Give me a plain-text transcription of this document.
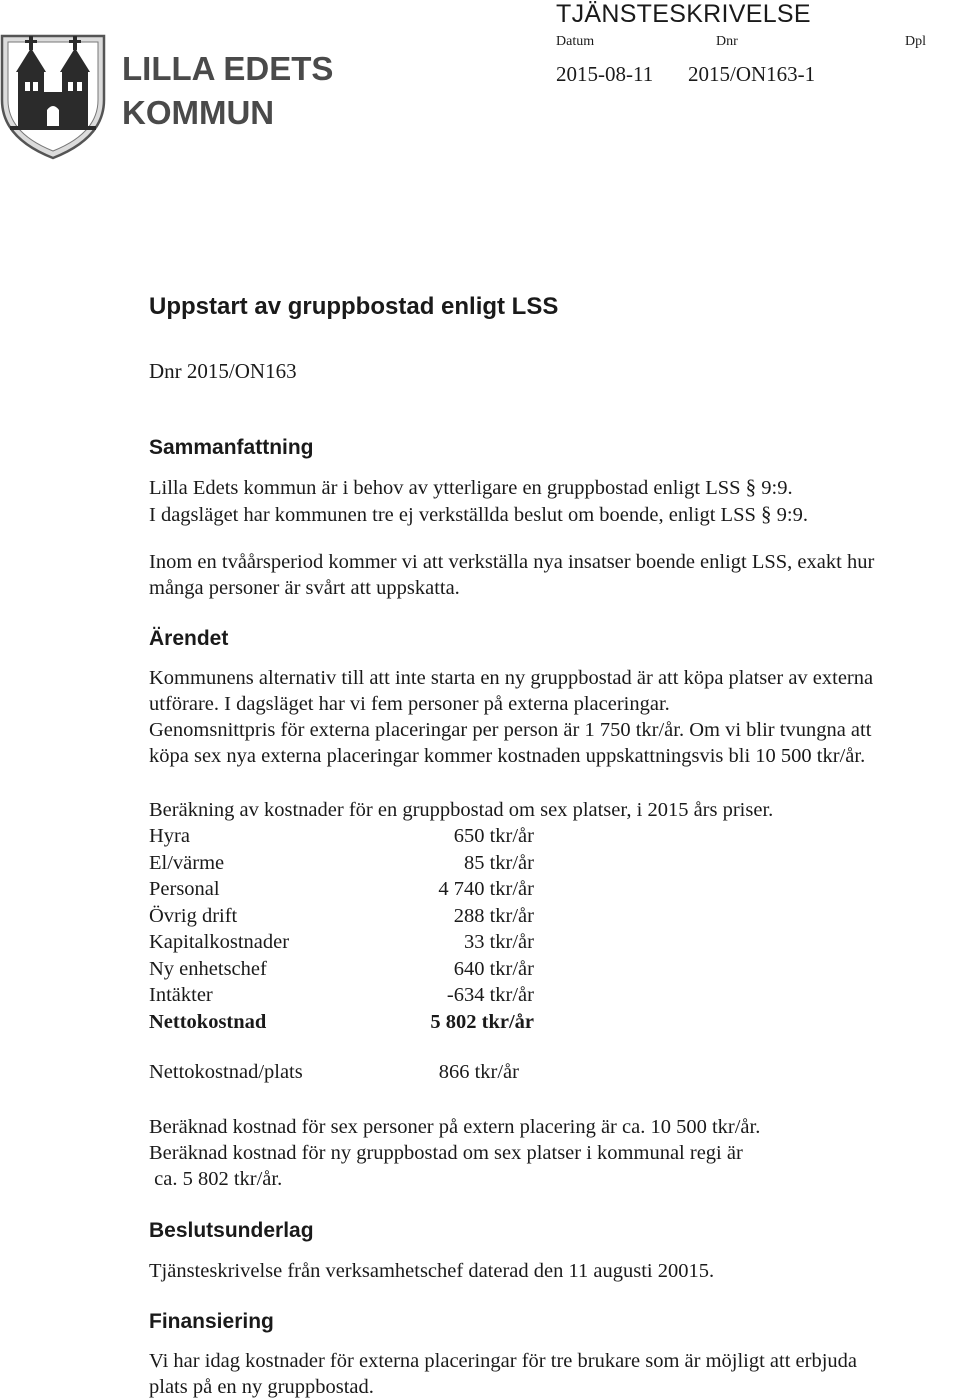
LILLA EDETS
KOMMUN
TJÄNSTESKRIVELSE
Datum	Dnr	Dpl
2015-08-11 2015/ON163-1
Uppstart av gruppbostad enligt LSS
Dnr 2015/ON163
Sammanfattning
Lilla Edets kommun är i behov av ytterligare en gruppbostad enligt LSS § 9:9.
I dagsläget har kommunen tre ej verkställda beslut om boende, enligt LSS § 9:9.
Inom en tvåårsperiod kommer vi att verkställa nya insatser boende enligt LSS, exakt hur
många personer är svårt att uppskatta.
Ärendet
Kommunens alternativ till att inte starta en ny gruppbostad är att köpa platser av externa
utförare. I dagsläget har vi fem personer på externa placeringar.
Genomsnittpris för externa placeringar per person är 1 750 tkr/år. Om vi blir tvungna att
köpa sex nya externa placeringar kommer kostnaden uppskattningsvis bli 10 500 tkr/år.
Beräkning av kostnader för en gruppbostad om sex platser, i 2015 års priser.
Hyra	650 tkr/år
El/värme	85 tkr/år
Personal	4 740 tkr/år
Övrig drift	288 tkr/år
Kapitalkostnader	33 tkr/år
Ny enhetschef	640 tkr/år
Intäkter	-634 tkr/år
Nettokostnad	5 802 tkr/år
Nettokostnad/plats	866 tkr/år
Beräknad kostnad för sex personer på extern placering är ca. 10 500 tkr/år.
Beräknad kostnad för ny gruppbostad om sex platser i kommunal regi är
ca. 5 802 tkr/år.
Beslutsunderlag
Tjänsteskrivelse från verksamhetschef daterad den 11 augusti 20015.
Finansiering
Vi har idag kostnader för externa placeringar för tre brukare som är möjligt att erbjuda
plats på en ny gruppbostad.
